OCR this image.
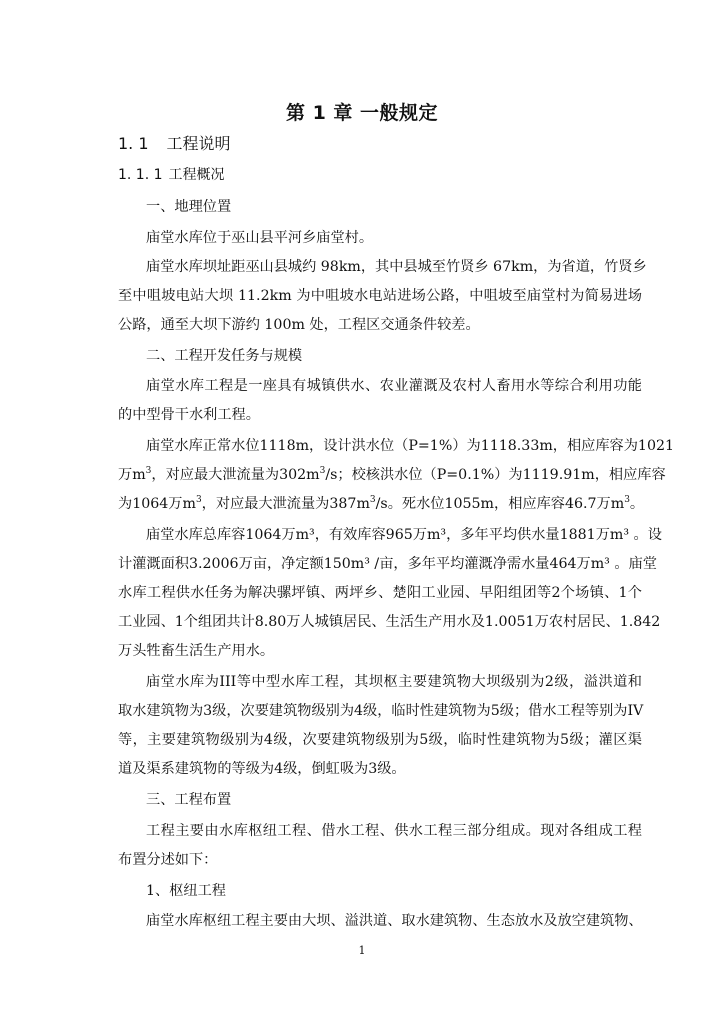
第 1 章 一般规定
1. 1 工程说明
1. 1. 1 工程概况
一、地理位置
庙堂水库位于巫山县平河乡庙堂村。
庙堂水库坝址距巫山县城约 98km，其中县城至竹贤乡 67km，为省道，竹贤乡
至中咀坡电站大坝 11.2km 为中咀坡水电站进场公路，中咀坡至庙堂村为简易进场
公路，通至大坝下游约 100m 处，工程区交通条件较差。
二、工程开发任务与规模
庙堂水库工程是一座具有城镇供水、农业灌溉及农村人畜用水等综合利用功能
的中型骨干水利工程。
庙堂水库正常水位1118m，设计洪水位（P=1%）为1118.33m，相应库容为1021
万$m^3$，对应最大泄流量为$302m^3/s$；校核洪水位（P=0.1%）为1119.91m，相应库容
为1064万$m^3$，对应最大泄流量为$387m^3/s$。死水位1055m，相应库容46.7万$m^3$。
庙堂水库总库容1064万m³，有效库容965万m³，多年平均供水量1881万m³ 。设
计灌溉面积3.2006万亩，净定额150m³ /亩，多年平均灌溉净需水量464万m³ 。庙堂
水库工程供水任务为解决骡坪镇、两坪乡、楚阳工业园、早阳组团等2个场镇、1个
工业园、1个组团共计8.80万人城镇居民、生活生产用水及1.0051万农村居民、1.842
万头牲畜生活生产用水。
庙堂水库为III等中型水库工程，其坝枢主要建筑物大坝级别为2级，溢洪道和
取水建筑物为3级，次要建筑物级别为4级，临时性建筑物为5级；借水工程等别为IV
等，主要建筑物级别为4级，次要建筑物级别为5级，临时性建筑物为5级；灌区渠
道及渠系建筑物的等级为4级，倒虹吸为3级。
三、工程布置
工程主要由水库枢纽工程、借水工程、供水工程三部分组成。现对各组成工程
布置分述如下：
1、枢纽工程
庙堂水库枢纽工程主要由大坝、溢洪道、取水建筑物、生态放水及放空建筑物、
1
